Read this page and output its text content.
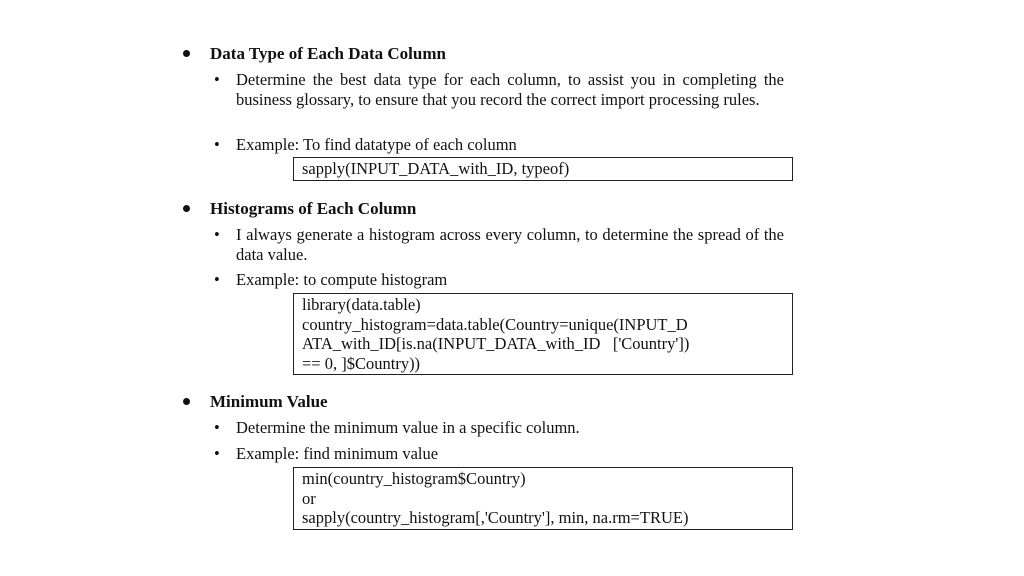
Data Type of Each Data Column
• Determine the best data type for each column, to assist you in completing the business glossary, to ensure that you record the correct import processing rules.
• Example: To find datatype of each column
sapply(INPUT_DATA_with_ID, typeof)
Histograms of Each Column
• I always generate a histogram across every column, to determine the spread of the data value.
• Example: to compute histogram
library(data.table)
country_histogram=data.table(Country=unique(INPUT_D
ATA_with_ID[is.na(INPUT_DATA_with_ID   ['Country'])
== 0, ]$Country))
Minimum Value
• Determine the minimum value in a specific column.
• Example: find minimum value
min(country_histogram$Country)
or
sapply(country_histogram[,'Country'], min, na.rm=TRUE)
